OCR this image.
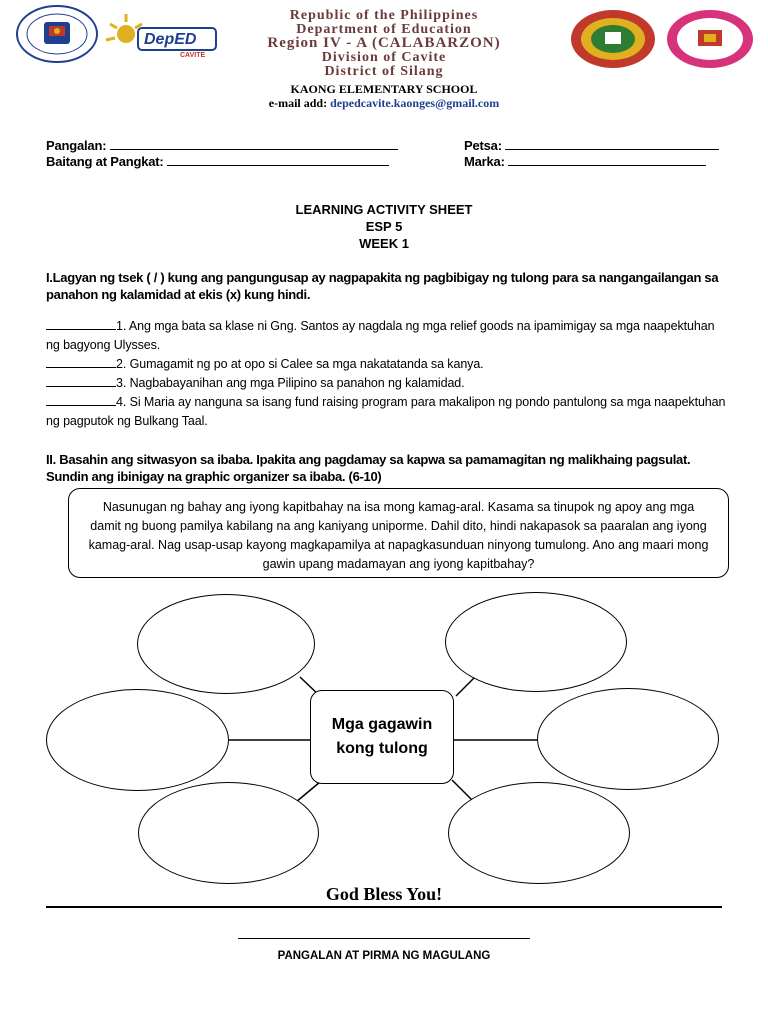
DepED
CAVITE
Republic of the Philippines
Department of Education
Region IV - A (CALABARZON)
Division of Cavite
District of Silang
KAONG ELEMENTARY SCHOOL
e-mail add: depedcavite.kaonges@gmail.com
Pangalan:
Baitang at Pangkat:
Petsa:
Marka:
LEARNING ACTIVITY SHEET
ESP 5
WEEK 1
I.Lagyan ng tsek ( / ) kung ang pangungusap ay nagpapakita ng pagbibigay ng tulong para sa nangangailangan sa panahon ng kalamidad at ekis (x) kung hindi.
1. Ang mga bata sa klase ni Gng. Santos ay nagdala ng mga relief goods na ipamimigay sa mga naapektuhan ng bagyong Ulysses.
2. Gumagamit ng po at opo si Calee sa mga nakatatanda sa kanya.
3. Nagbabayanihan ang mga Pilipino sa panahon ng kalamidad.
4. Si Maria ay nanguna sa isang fund raising program para makalipon ng pondo pantulong sa mga naapektuhan ng pagputok ng Bulkang Taal.
II. Basahin ang sitwasyon sa ibaba. Ipakita ang pagdamay sa kapwa sa pamamagitan ng malikhaing pagsulat. Sundin ang ibinigay na graphic organizer sa ibaba. (6-10)
Nasunugan ng bahay ang iyong kapitbahay na isa mong kamag-aral. Kasama sa tinupok ng apoy ang mga damit ng buong pamilya kabilang na ang kaniyang uniporme. Dahil dito, hindi nakapasok sa paaralan ang iyong kamag-aral. Nag usap-usap kayong magkapamilya at napagkasunduan ninyong tumulong. Ano ang maari mong gawin upang madamayan ang iyong kapitbahay?
Mga gagawin
kong tulong
God Bless You!
PANGALAN AT PIRMA NG MAGULANG
